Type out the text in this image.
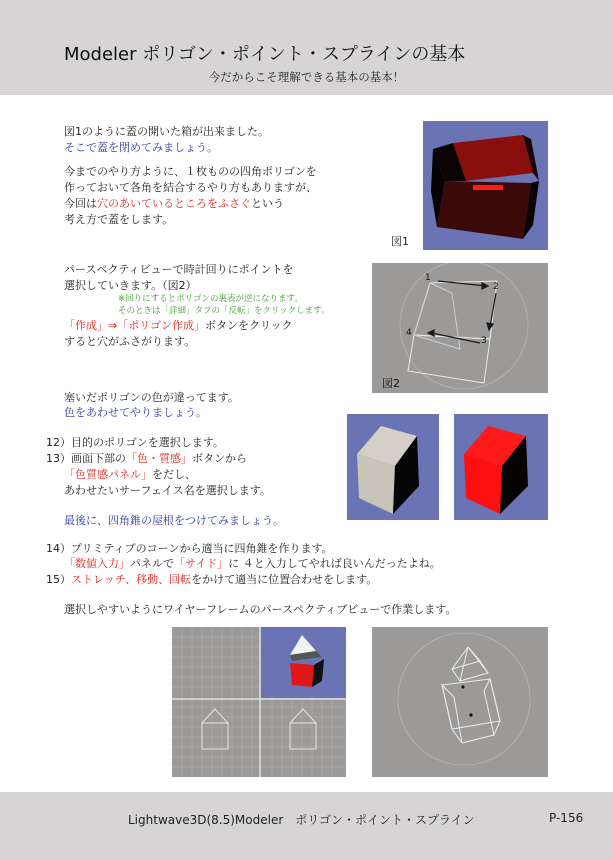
Modeler ポリゴン・ポイント・スプラインの基本
今だからこそ理解できる基本の基本！
図1のように蓋の開いた箱が出来ました。
そこで蓋を閉めてみましょう。
今までのやり方ように、１枚ものの四角ポリゴンを
作っておいて各角を結合するやり方もありますが、
今回は穴のあいているところをふさぐという
考え方で蓋をします。
図1
パースペクティビューで時計回りにポイントを
選択していきます。（図2）
※回りにするとポリゴンの裏表が逆になります。
そのときは「詳細」タブの「反転」をクリックします。
「作成」⇒「ポリゴン作成」ボタンをクリック
すると穴がふさがります。
1
2
3
4
図2
塞いだポリゴンの色が違ってます。
色をあわせてやりましょう。
12）目的のポリゴンを選択します。
13）画面下部の「色・質感」ボタンから
「色質感パネル」をだし、
あわせたいサーフェイス名を選択します。
最後に、四角錐の屋根をつけてみましょう。
14）プリミティブのコーンから適当に四角錐を作ります。
「数値入力」パネルで「サイド」に ４と入力してやれば良いんだったよね。
15）ストレッチ、移動、回転をかけて適当に位置合わせをします。
選択しやすいようにワイヤーフレームのパースペクティブビューで作業します。
Lightwave3D(8.5)Modeler　ポリゴン・ポイント・スプライン	P-156
